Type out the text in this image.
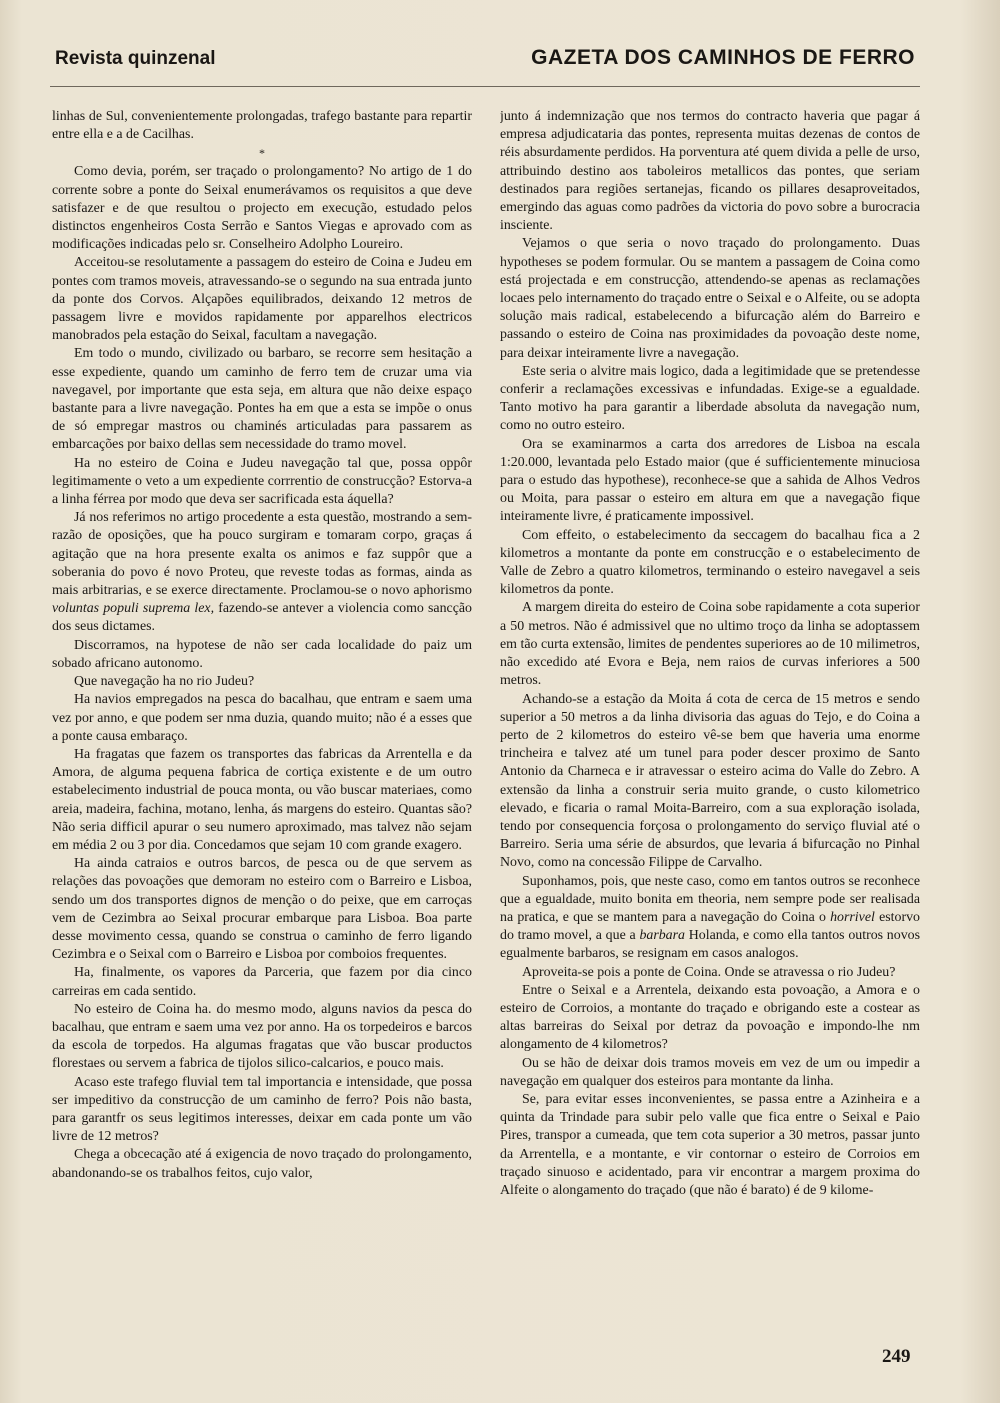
Revista quinzenal	GAZETA DOS CAMINHOS DE FERRO

linhas de Sul, convenientemente prolongadas, trafego bastante para repartir entre ella e a de Cacilhas.

*

Como devia, porém, ser traçado o prolongamento? No artigo de 1 do corrente sobre a ponte do Seixal enumerávamos os requisitos a que deve satisfazer e de que resultou o projecto em execução, estudado pelos distinctos engenheiros Costa Serrão e Santos Viegas e aprovado com as modificações indicadas pelo sr. Conselheiro Adolpho Loureiro.

Acceitou-se resolutamente a passagem do esteiro de Coina e Judeu em pontes com tramos moveis, atravessando-se o segundo na sua entrada junto da ponte dos Corvos. Alçapões equilibrados, deixando 12 metros de passagem livre e movidos rapidamente por apparelhos electricos manobrados pela estação do Seixal, facultam a navegação.

Em todo o mundo, civilizado ou barbaro, se recorre sem hesitação a esse expediente, quando um caminho de ferro tem de cruzar uma via navegavel, por importante que esta seja, em altura que não deixe espaço bastante para a livre navegação. Pontes ha em que a esta se impõe o onus de só empregar mastros ou chaminés articuladas para passarem as embarcações por baixo dellas sem necessidade do tramo movel.

Ha no esteiro de Coina e Judeu navegação tal que, possa oppôr legitimamente o veto a um expediente corrrentio de construcção? Estorva-a a linha férrea por modo que deva ser sacrificada esta áquella?

Já nos referimos no artigo procedente a esta questão, mostrando a sem-razão de oposições, que ha pouco surgiram e tomaram corpo, graças á agitação que na hora presente exalta os animos e faz suppôr que a soberania do povo é novo Proteu, que reveste todas as formas, ainda as mais arbitrarias, e se exerce directamente. Proclamou-se o novo aphorismo voluntas populi suprema lex, fazendo-se antever a violencia como sancção dos seus dictames.

Discorramos, na hypotese de não ser cada localidade do paiz um sobado africano autonomo.

Que navegação ha no rio Judeu?

Ha navios empregados na pesca do bacalhau, que entram e saem uma vez por anno, e que podem ser nma duzia, quando muito; não é a esses que a ponte causa embaraço.

Ha fragatas que fazem os transportes das fabricas da Arrentella e da Amora, de alguma pequena fabrica de cortiça existente e de um outro estabelecimento industrial de pouca monta, ou vão buscar materiaes, como areia, madeira, fachina, motano, lenha, ás margens do esteiro. Quantas são? Não seria difficil apurar o seu numero aproximado, mas talvez não sejam em média 2 ou 3 por dia. Concedamos que sejam 10 com grande exagero.

Ha ainda catraios e outros barcos, de pesca ou de que servem as relações das povoações que demoram no esteiro com o Barreiro e Lisboa, sendo um dos transportes dignos de menção o do peixe, que em carroças vem de Cezimbra ao Seixal procurar embarque para Lisboa. Boa parte desse movimento cessa, quando se construa o caminho de ferro ligando Cezimbra e o Seixal com o Barreiro e Lisboa por comboios frequentes.

Ha, finalmente, os vapores da Parceria, que fazem por dia cinco carreiras em cada sentido.

No esteiro de Coina ha. do mesmo modo, alguns navios da pesca do bacalhau, que entram e saem uma vez por anno. Ha os torpedeiros e barcos da escola de torpedos. Ha algumas fragatas que vão buscar productos florestaes ou servem a fabrica de tijolos silico-calcarios, e pouco mais.

Acaso este trafego fluvial tem tal importancia e intensidade, que possa ser impeditivo da construcção de um caminho de ferro? Pois não basta, para garantfr os seus legitimos interesses, deixar em cada ponte um vão livre de 12 metros?

Chega a obcecação até á exigencia de novo traçado do prolongamento, abandonando-se os trabalhos feitos, cujo valor,

junto á indemnização que nos termos do contracto haveria que pagar á empresa adjudicataria das pontes, representa muitas dezenas de contos de réis absurdamente perdidos. Ha porventura até quem divida a pelle de urso, attribuindo destino aos taboleiros metallicos das pontes, que seriam destinados para regiões sertanejas, ficando os pillares desaproveitados, emergindo das aguas como padrões da victoria do povo sobre a burocracia insciente.

Vejamos o que seria o novo traçado do prolongamento. Duas hypotheses se podem formular. Ou se mantem a passagem de Coina como está projectada e em construcção, attendendo-se apenas as reclamações locaes pelo internamento do traçado entre o Seixal e o Alfeite, ou se adopta solução mais radical, estabelecendo a bifurcação além do Barreiro e passando o esteiro de Coina nas proximidades da povoação deste nome, para deixar inteiramente livre a navegação.

Este seria o alvitre mais logico, dada a legitimidade que se pretendesse conferir a reclamações excessivas e infundadas. Exige-se a egualdade. Tanto motivo ha para garantir a liberdade absoluta da navegação num, como no outro esteiro.

Ora se examinarmos a carta dos arredores de Lisboa na escala 1:20.000, levantada pelo Estado maior (que é sufficientemente minuciosa para o estudo das hypothese), reconhece-se que a sahida de Alhos Vedros ou Moita, para passar o esteiro em altura em que a navegação fique inteiramente livre, é praticamente impossivel.

Com effeito, o estabelecimento da seccagem do bacalhau fica a 2 kilometros a montante da ponte em construcção e o estabelecimento de Valle de Zebro a quatro kilometros, terminando o esteiro navegavel a seis kilometros da ponte.

A margem direita do esteiro de Coina sobe rapidamente a cota superior a 50 metros. Não é admissivel que no ultimo troço da linha se adoptassem em tão curta extensão, limites de pendentes superiores ao de 10 milimetros, não excedido até Evora e Beja, nem raios de curvas inferiores a 500 metros.

Achando-se a estação da Moita á cota de cerca de 15 metros e sendo superior a 50 metros a da linha divisoria das aguas do Tejo, e do Coina a perto de 2 kilometros do esteiro vê-se bem que haveria uma enorme trincheira e talvez até um tunel para poder descer proximo de Santo Antonio da Charneca e ir atravessar o esteiro acima do Valle do Zebro. A extensão da linha a construir seria muito grande, o custo kilometrico elevado, e ficaria o ramal Moita-Barreiro, com a sua exploração isolada, tendo por consequencia forçosa o prolongamento do serviço fluvial até o Barreiro. Seria uma série de absurdos, que levaria á bifurcação no Pinhal Novo, como na concessão Filippe de Carvalho.

Suponhamos, pois, que neste caso, como em tantos outros se reconhece que a egualdade, muito bonita em theoria, nem sempre pode ser realisada na pratica, e que se mantem para a navegação do Coina o horrivel estorvo do tramo movel, a que a barbara Holanda, e como ella tantos outros novos egualmente barbaros, se resignam em casos analogos.

Aproveita-se pois a ponte de Coina. Onde se atravessa o rio Judeu?

Entre o Seixal e a Arrentela, deixando esta povoação, a Amora e o esteiro de Corroios, a montante do traçado e obrigando este a costear as altas barreiras do Seixal por detraz da povoação e impondo-lhe nm alongamento de 4 kilometros?

Ou se hão de deixar dois tramos moveis em vez de um ou impedir a navegação em qualquer dos esteiros para montante da linha.

Se, para evitar esses inconvenientes, se passa entre a Azinheira e a quinta da Trindade para subir pelo valle que fica entre o Seixal e Paio Pires, transpor a cumeada, que tem cota superior a 30 metros, passar junto da Arrentella, e a montante, e vir contornar o esteiro de Corroios em traçado sinuoso e acidentado, para vir encontrar a margem proxima do Alfeite o alongamento do traçado (que não é barato) é de 9 kilome-

249
